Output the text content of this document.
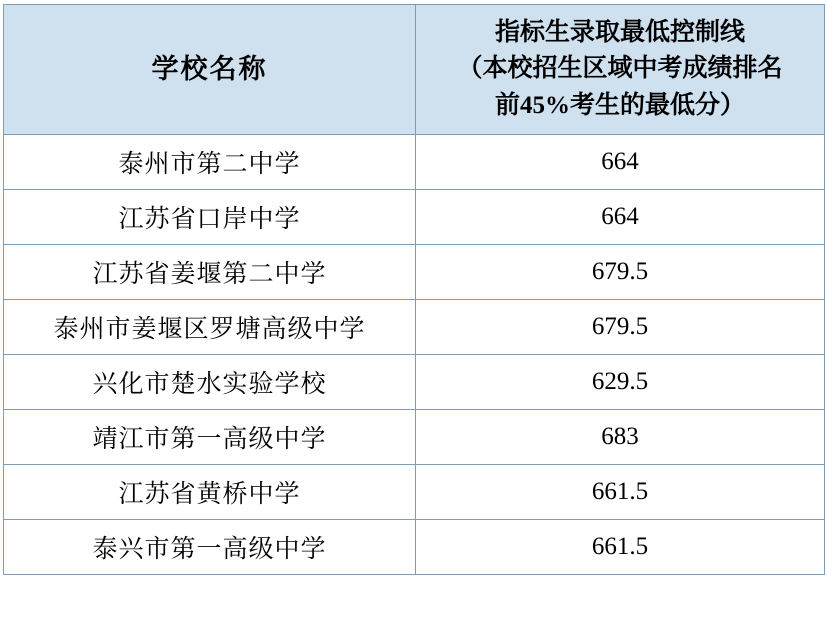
学校名称	指标生录取最低控制线
（本校招生区域中考成绩排名
前45%考生的最低分）

泰州市第二中学	664
江苏省口岸中学	664
江苏省姜堰第二中学	679.5
泰州市姜堰区罗塘高级中学	679.5
兴化市楚水实验学校	629.5
靖江市第一高级中学	683
江苏省黄桥中学	661.5
泰兴市第一高级中学	661.5
